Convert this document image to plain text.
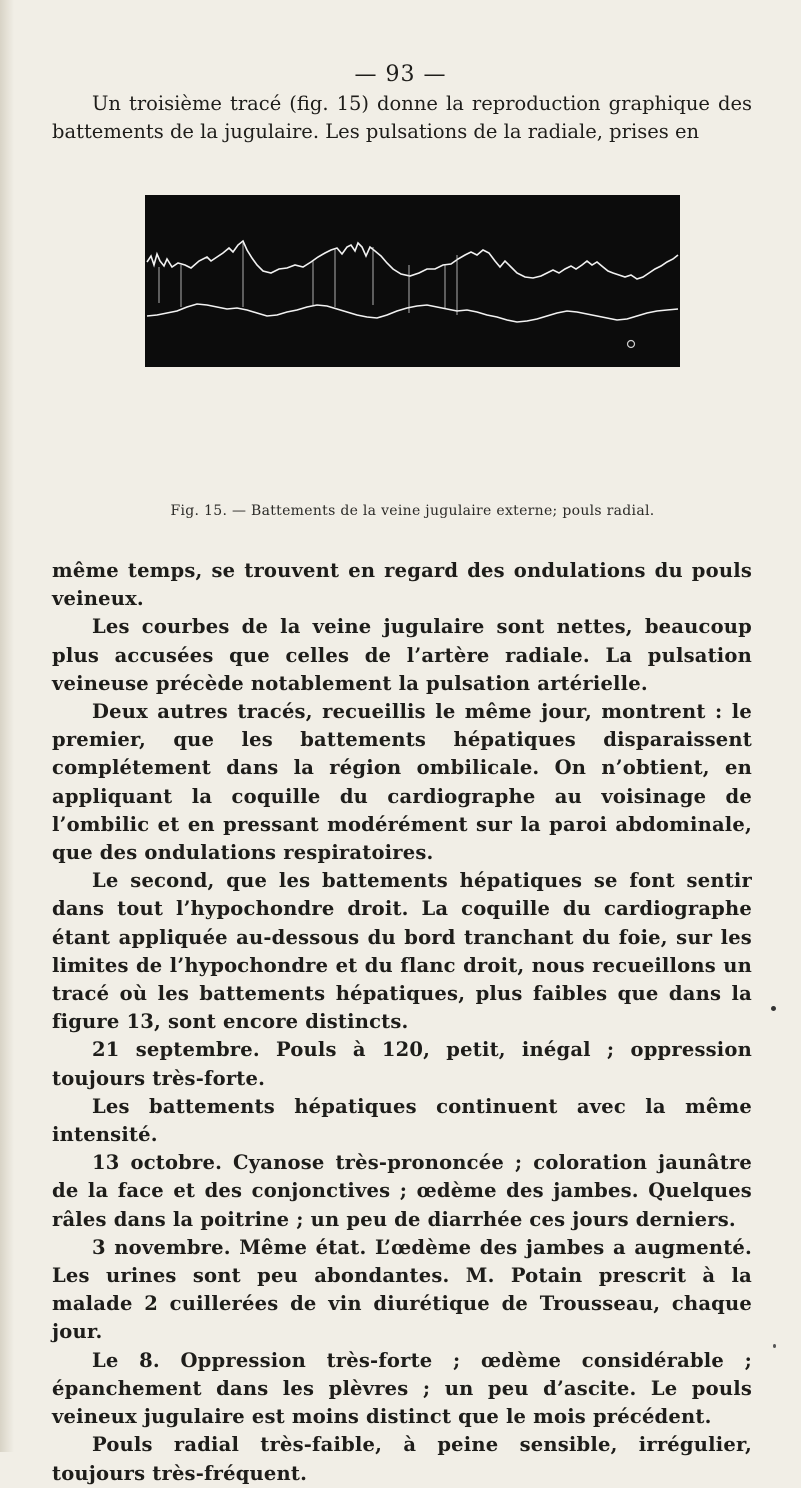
— 93 —

Un troisième tracé (fig. 15) donne la reproduction graphique des battements de la jugulaire. Les pulsations de la radiale, prises en

Fig. 15. — Battements de la veine jugulaire externe; pouls radial.

même temps, se trouvent en regard des ondulations du pouls veineux.

Les courbes de la veine jugulaire sont nettes, beaucoup plus accusées que celles de l’artère radiale. La pulsation veineuse précède notablement la pulsation artérielle.

Deux autres tracés, recueillis le même jour, montrent : le premier, que les battements hépatiques disparaissent complétement dans la région ombilicale. On n’obtient, en appliquant la coquille du cardiographe au voisinage de l’ombilic et en pressant modérément sur la paroi abdominale, que des ondulations respiratoires.

Le second, que les battements hépatiques se font sentir dans tout l’hypochondre droit. La coquille du cardiographe étant appliquée au-dessous du bord tranchant du foie, sur les limites de l’hypochondre et du flanc droit, nous recueillons un tracé où les battements hépatiques, plus faibles que dans la figure 13, sont encore distincts.

21 septembre. Pouls à 120, petit, inégal ; oppression toujours très-forte.

Les battements hépatiques continuent avec la même intensité.

13 octobre. Cyanose très-prononcée ; coloration jaunâtre de la face et des conjonctives ; œdème des jambes. Quelques râles dans la poitrine ; un peu de diarrhée ces jours derniers.

3 novembre. Même état. L’œdème des jambes a augmenté. Les urines sont peu abondantes. M. Potain prescrit à la malade 2 cuillerées de vin diurétique de Trousseau, chaque jour.

Le 8. Oppression très-forte ; œdème considérable ; épanchement dans les plèvres ; un peu d’ascite. Le pouls veineux jugulaire est moins distinct que le mois précédent.

Pouls radial très-faible, à peine sensible, irrégulier, toujours très-fréquent.
